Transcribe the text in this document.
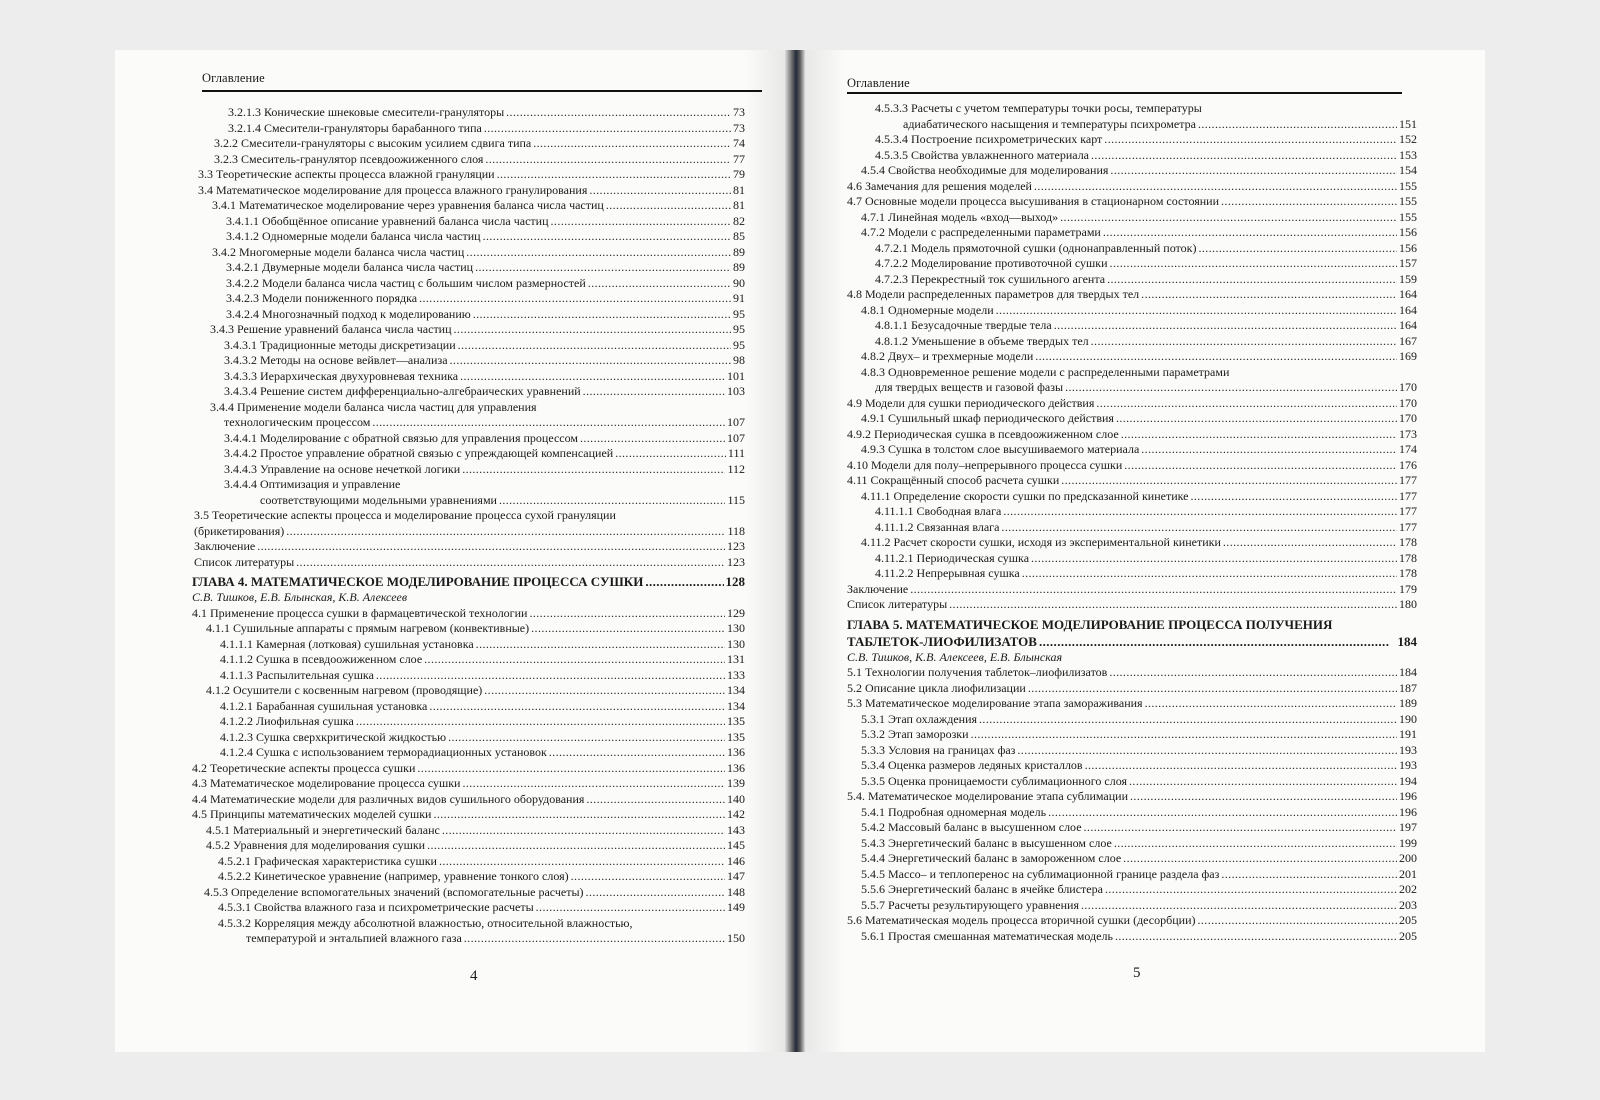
Оглавление
3.2.1.3 Конические шнековые смесители-грануляторы .....	73
3.2.1.4 Смесители-грануляторы барабанного типа .....	73
3.2.2 Смесители-грануляторы с высоким усилием сдвига типа .....	74
3.2.3 Смеситель-гранулятор псевдоожиженного слоя .....	77
3.3 Теоретические аспекты процесса влажной грануляции .....	79
3.4 Математическое моделирование для процесса влажного гранулирования .....	81
3.4.1 Математическое моделирование через уравнения баланса числа частиц .....	81
3.4.1.1 Обобщённое описание уравнений баланса числа частиц .....	82
3.4.1.2 Одномерные модели баланса числа частиц .....	85
3.4.2 Многомерные модели баланса числа частиц .....	89
3.4.2.1 Двумерные модели баланса числа частиц .....	89
3.4.2.2 Модели баланса числа частиц с большим числом размерностей .....	90
3.4.2.3 Модели пониженного порядка .....	91
3.4.2.4 Многозначный подход к моделированию .....	95
3.4.3 Решение уравнений баланса числа частиц .....	95
3.4.3.1 Традиционные методы дискретизации .....	95
3.4.3.2 Методы на основе вейвлет—анализа .....	98
3.4.3.3 Иерархическая двухуровневая техника .....	101
3.4.3.4 Решение систем дифференциально-алгебраических уравнений .....	103
3.4.4 Применение модели баланса числа частиц для управления
технологическим процессом .....	107
3.4.4.1 Моделирование с обратной связью для управления процессом .....	107
3.4.4.2 Простое управление обратной связью с упреждающей компенсацией .....	111
3.4.4.3 Управление на основе нечеткой логики .....	112
3.4.4.4 Оптимизация и управление
соответствующими модельными уравнениями .....	115
3.5 Теоретические аспекты процесса и моделирование процесса сухой грануляции
(брикетирования) .....	118
Заключение .....	123
Список литературы .....	123
ГЛАВА 4. МАТЕМАТИЧЕСКОЕ МОДЕЛИРОВАНИЕ ПРОЦЕССА СУШКИ .....	128
С.В. Тишков, Е.В. Блынская, К.В. Алексеев
4.1 Применение процесса сушки в фармацевтической технологии .....	129
4.1.1 Сушильные аппараты с прямым нагревом (конвективные) .....	130
4.1.1.1 Камерная (лотковая) сушильная установка .....	130
4.1.1.2 Сушка в псевдоожиженном слое .....	131
4.1.1.3 Распылительная сушка .....	133
4.1.2 Осушители с косвенным нагревом (проводящие) .....	134
4.1.2.1 Барабанная сушильная установка .....	134
4.1.2.2 Лиофильная сушка .....	135
4.1.2.3 Сушка сверхкритической жидкостью .....	135
4.1.2.4 Сушка с использованием терморадиационных установок .....	136
4.2 Теоретические аспекты процесса сушки .....	136
4.3 Математическое моделирование процесса сушки .....	139
4.4 Математические модели для различных видов сушильного оборудования .....	140
4.5 Принципы математических моделей сушки .....	142
4.5.1 Материальный и энергетический баланс .....	143
4.5.2 Уравнения для моделирования сушки .....	145
4.5.2.1 Графическая характеристика сушки .....	146
4.5.2.2 Кинетическое уравнение (например, уравнение тонкого слоя) .....	147
4.5.3 Определение вспомогательных значений (вспомогательные расчеты) .....	148
4.5.3.1 Свойства влажного газа и психрометрические расчеты .....	149
4.5.3.2 Корреляция между абсолютной влажностью, относительной влажностью,
температурой и энтальпией влажного газа .....	150
4
Оглавление
4.5.3.3 Расчеты с учетом температуры точки росы, температуры
адиабатического насыщения и температуры психрометра .....	151
4.5.3.4 Построение психрометрических карт .....	152
4.5.3.5 Свойства увлажненного материала .....	153
4.5.4 Свойства необходимые для моделирования .....	154
4.6 Замечания для решения моделей .....	155
4.7 Основные модели процесса высушивания в стационарном состоянии .....	155
4.7.1 Линейная модель «вход—выход» .....	155
4.7.2 Модели с распределенными параметрами .....	156
4.7.2.1 Модель прямоточной сушки (однонаправленный поток) .....	156
4.7.2.2 Моделирование противоточной сушки .....	157
4.7.2.3 Перекрестный ток сушильного агента .....	159
4.8 Модели распределенных параметров для твердых тел .....	164
4.8.1 Одномерные модели .....	164
4.8.1.1 Безусадочные твердые тела .....	164
4.8.1.2 Уменьшение в объеме твердых тел .....	167
4.8.2 Двух– и трехмерные модели .....	169
4.8.3 Одновременное решение модели с распределенными параметрами
для твердых веществ и газовой фазы .....	170
4.9 Модели для сушки периодического действия .....	170
4.9.1 Сушильный шкаф периодического действия .....	170
4.9.2 Периодическая сушка в псевдоожиженном слое .....	173
4.9.3 Сушка в толстом слое высушиваемого материала .....	174
4.10 Модели для полу–непрерывного процесса сушки .....	176
4.11 Сокращённый способ расчета сушки .....	177
4.11.1 Определение скорости сушки по предсказанной кинетике .....	177
4.11.1.1 Свободная влага .....	177
4.11.1.2 Связанная влага .....	177
4.11.2 Расчет скорости сушки, исходя из экспериментальной кинетики .....	178
4.11.2.1 Периодическая сушка .....	178
4.11.2.2 Непрерывная сушка .....	178
Заключение .....	179
Список литературы .....	180
ГЛАВА 5. МАТЕМАТИЧЕСКОЕ МОДЕЛИРОВАНИЕ ПРОЦЕССА ПОЛУЧЕНИЯ
ТАБЛЕТОК-ЛИОФИЛИЗАТОВ .....	184
С.В. Тишков, К.В. Алексеев, Е.В. Блынская
5.1 Технологии получения таблеток–лиофилизатов .....	184
5.2 Описание цикла лиофилизации .....	187
5.3 Математическое моделирование этапа замораживания .....	189
5.3.1 Этап охлаждения .....	190
5.3.2 Этап заморозки .....	191
5.3.3 Условия на границах фаз .....	193
5.3.4 Оценка размеров ледяных кристаллов .....	193
5.3.5 Оценка проницаемости сублимационного слоя .....	194
5.4. Математическое моделирование этапа сублимации .....	196
5.4.1 Подробная одномерная модель .....	196
5.4.2 Массовый баланс в высушенном слое .....	197
5.4.3 Энергетический баланс в высушенном слое .....	199
5.4.4 Энергетический баланс в замороженном слое .....	200
5.4.5 Массо– и теплоперенос на сублимационной границе раздела фаз .....	201
5.5.6 Энергетический баланс в ячейке блистера .....	202
5.5.7 Расчеты результирующего уравнения .....	203
5.6 Математическая модель процесса вторичной сушки (десорбции) .....	205
5.6.1 Простая смешанная математическая модель .....	205
5
